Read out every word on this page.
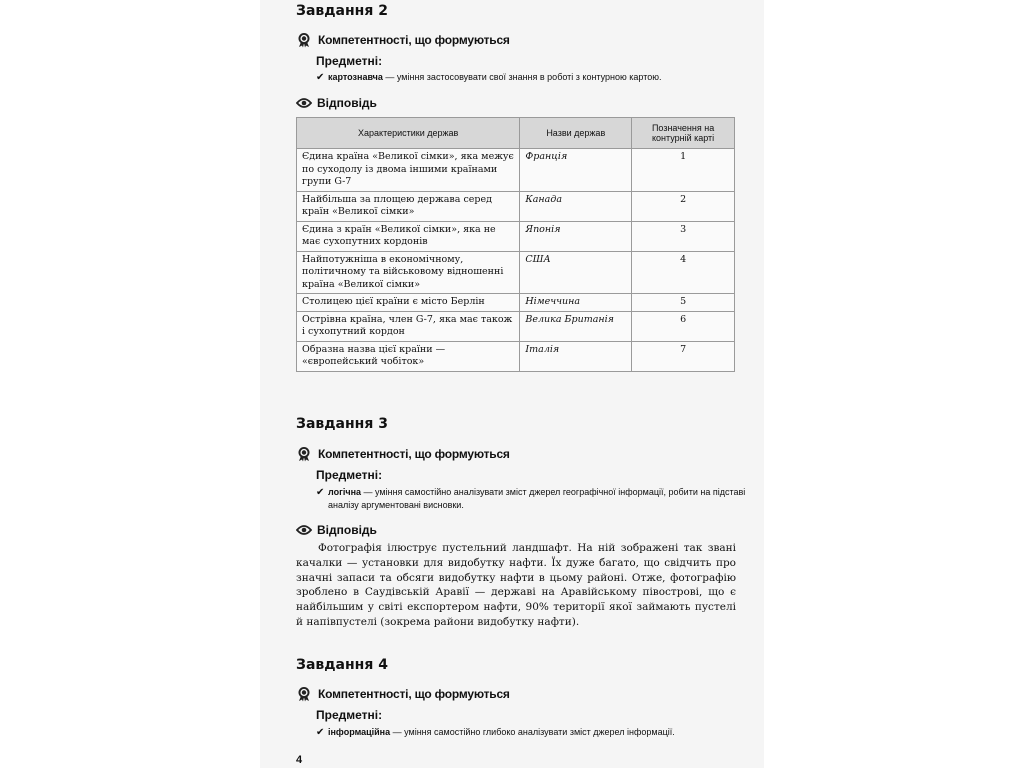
Завдання 2
Компетентності, що формуються
Предметні:
✔ картознавча — уміння застосовувати свої знання в роботі з контурною картою.
Відповідь
Характеристики держав	Назви держав	Позначення на контурній карті
Єдина країна «Великої сімки», яка межує по суходолу із двома іншими країнами групи G-7	Франція	1
Найбільша за площею держава серед країн «Великої сімки»	Канада	2
Єдина з країн «Великої сімки», яка не має сухопутних кордонів	Японія	3
Найпотужніша в економічному, політичному та військовому відношенні країна «Великої сімки»	США	4
Столицею цієї країни є місто Берлін	Німеччина	5
Острівна країна, член G-7, яка має також і сухопутний кордон	Велика Британія	6
Образна назва цієї країни — «європейський чобіток»	Італія	7
Завдання 3
Компетентності, що формуються
Предметні:
✔ логічна — уміння самостійно аналізувати зміст джерел географічної інформації, робити на підставі аналізу аргументовані висновки.
Відповідь
Фотографія ілюструє пустельний ландшафт. На ній зображені так звані качалки — установки для видобутку нафти. Їх дуже багато, що свідчить про значні запаси та обсяги видобутку нафти в цьому районі. Отже, фотографію зроблено в Саудівській Аравії — державі на Аравійському півострові, що є найбільшим у світі експортером нафти, 90% території якої займають пустелі й напівпустелі (зокрема райони видобутку нафти).
Завдання 4
Компетентності, що формуються
Предметні:
✔ інформаційна — уміння самостійно глибоко аналізувати зміст джерел інформації.
4
